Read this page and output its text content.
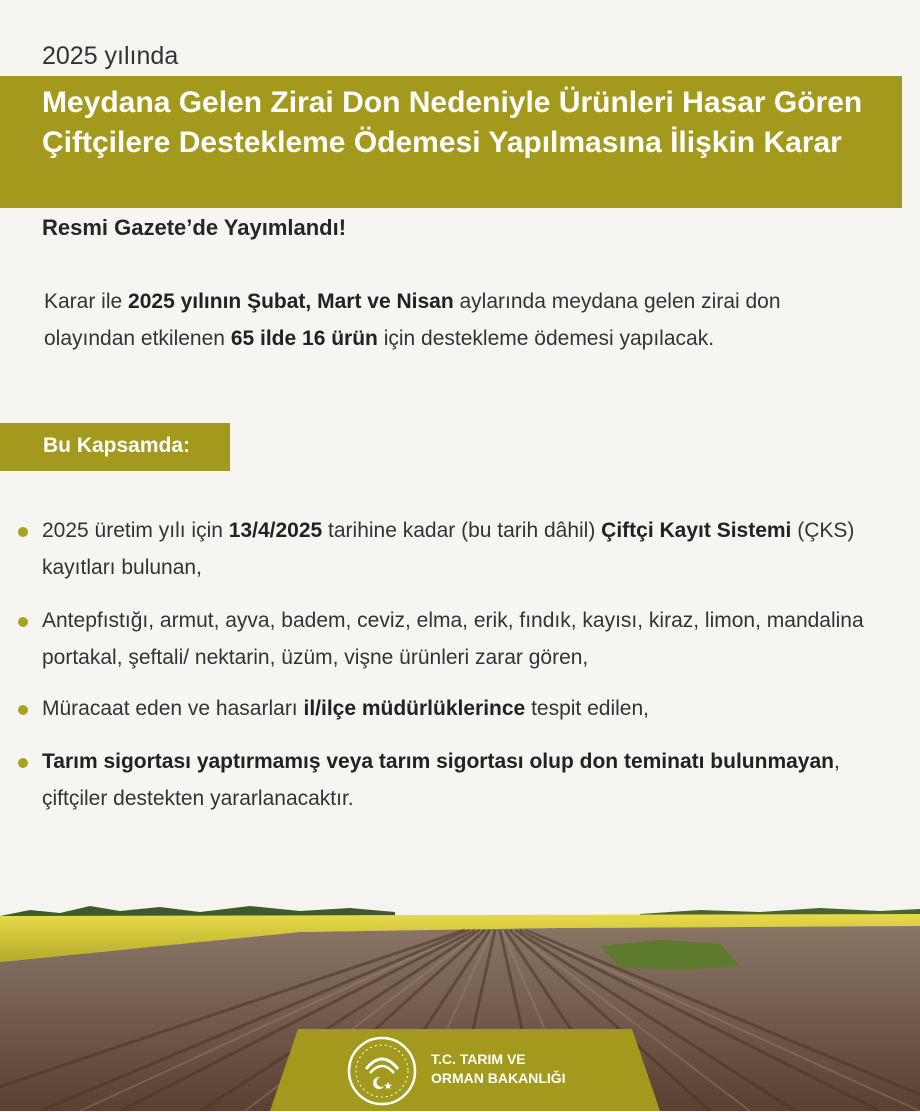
2025 yılında
Meydana Gelen Zirai Don Nedeniyle Ürünleri Hasar Gören Çiftçilere Destekleme Ödemesi Yapılmasına İlişkin Karar
Resmi Gazete’de Yayımlandı!

Karar ile 2025 yılının Şubat, Mart ve Nisan aylarında meydana gelen zirai don olayından etkilenen 65 ilde 16 ürün için destekleme ödemesi yapılacak.

Bu Kapsamda:
2025 üretim yılı için 13/4/2025 tarihine kadar (bu tarih dâhil) Çiftçi Kayıt Sistemi (ÇKS) kayıtları bulunan,
Antepfıstığı, armut, ayva, badem, ceviz, elma, erik, fındık, kayısı, kiraz, limon, mandalina portakal, şeftali/ nektarin, üzüm, vişne ürünleri zarar gören,
Müracaat eden ve hasarları il/ilçe müdürlüklerince tespit edilen,
Tarım sigortası yaptırmamış veya tarım sigortası olup don teminatı bulunmayan, çiftçiler destekten yararlanacaktır.
T.C. TARIM VE
ORMAN BAKANLIĞI
